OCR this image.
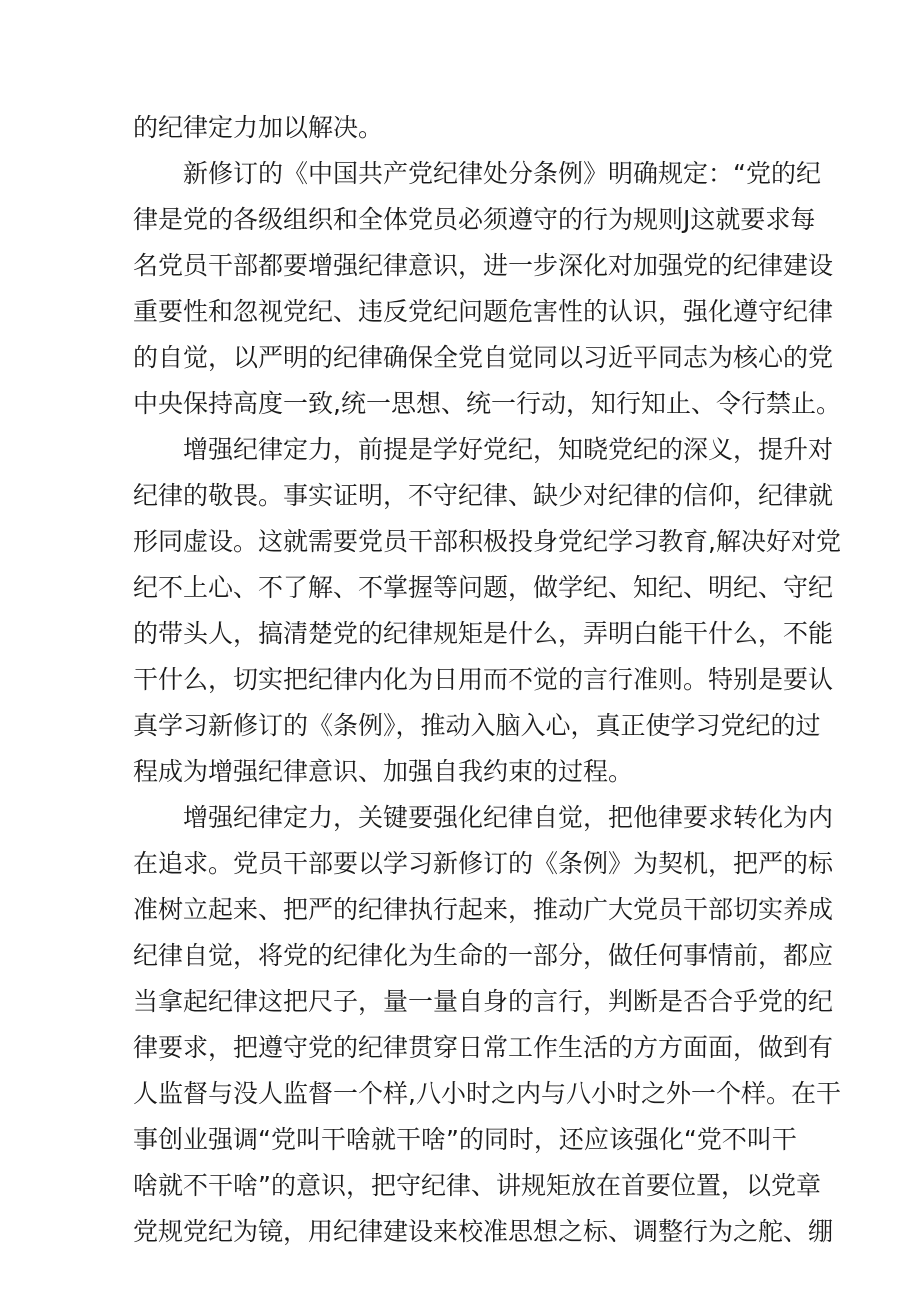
的纪律定力加以解决。
新修订的《中国共产党纪律处分条例》明确规定：“党的纪
律是党的各级组织和全体党员必须遵守的行为规则J这就要求每
名党员干部都要增强纪律意识，进一步深化对加强党的纪律建设
重要性和忽视党纪、违反党纪问题危害性的认识，强化遵守纪律
的自觉，以严明的纪律确保全党自觉同以习近平同志为核心的党
中央保持高度一致,统一思想、统一行动，知行知止、令行禁止。
增强纪律定力，前提是学好党纪，知晓党纪的深义，提升对
纪律的敬畏。事实证明，不守纪律、缺少对纪律的信仰，纪律就
形同虚设。这就需要党员干部积极投身党纪学习教育,解决好对党
纪不上心、不了解、不掌握等问题，做学纪、知纪、明纪、守纪
的带头人，搞清楚党的纪律规矩是什么，弄明白能干什么，不能
干什么，切实把纪律内化为日用而不觉的言行准则。特别是要认
真学习新修订的《条例》，推动入脑入心，真正使学习党纪的过
程成为增强纪律意识、加强自我约束的过程。
增强纪律定力，关键要强化纪律自觉，把他律要求转化为内
在追求。党员干部要以学习新修订的《条例》为契机，把严的标
准树立起来、把严的纪律执行起来，推动广大党员干部切实养成
纪律自觉，将党的纪律化为生命的一部分，做任何事情前，都应
当拿起纪律这把尺子，量一量自身的言行，判断是否合乎党的纪
律要求，把遵守党的纪律贯穿日常工作生活的方方面面，做到有
人监督与没人监督一个样,八小时之内与八小时之外一个样。在干
事创业强调“党叫干啥就干啥”的同时，还应该强化“党不叫干
啥就不干啥”的意识，把守纪律、讲规矩放在首要位置，以党章
党规党纪为镜，用纪律建设来校准思想之标、调整行为之舵、绷
